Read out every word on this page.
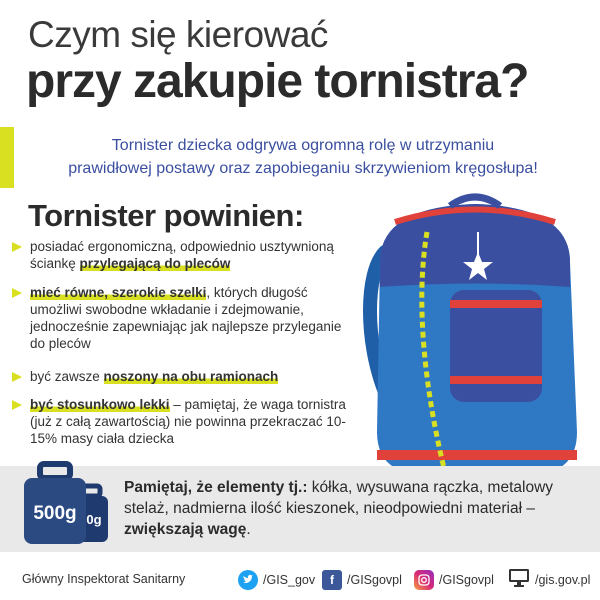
Czym się kierować
przy zakupie tornistra?
Tornister dziecka odgrywa ogromną rolę w utrzymaniu
prawidłowej postawy oraz zapobieganiu skrzywieniom kręgosłupa!
Tornister powinien:
posiadać ergonomiczną, odpowiednio usztywnioną ściankę przylegającą do pleców
mieć równe, szerokie szelki, których długość umożliwi swobodne wkładanie i zdejmowanie, jednocześnie zapewniając jak najlepsze przyleganie do pleców
być zawsze noszony na obu ramionach
być stosunkowo lekki – pamiętaj, że waga tornistra (już z całą zawartością) nie powinna przekraczać 10-15% masy ciała dziecka
500g 0g
Pamiętaj, że elementy tj.: kółka, wysuwana rączka, metalowy stelaż, nadmierna ilość kieszonek, nieodpowiedni materiał – zwiększają wagę.
Główny Inspektorat Sanitarny	/GIS_gov	f	/GISgovpl	/GISgovpl	/gis.gov.pl
